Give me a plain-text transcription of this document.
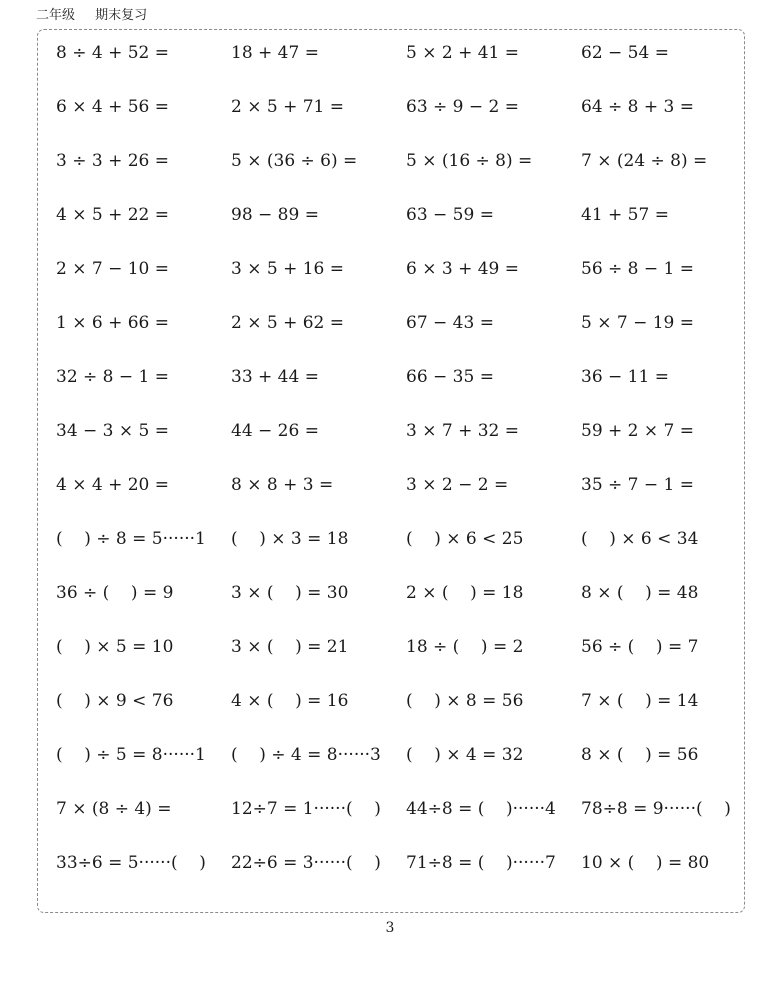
二年级 期末复习
8 ÷ 4 + 52 =	18 + 47 =	5 × 2 + 41 =	62 − 54 =
6 × 4 + 56 =	2 × 5 + 71 =	63 ÷ 9 − 2 =	64 ÷ 8 + 3 =
3 ÷ 3 + 26 =	5 × (36 ÷ 6) =	5 × (16 ÷ 8) =	7 × (24 ÷ 8) =
4 × 5 + 22 =	98 − 89 =	63 − 59 =	41 + 57 =
2 × 7 − 10 =	3 × 5 + 16 =	6 × 3 + 49 =	56 ÷ 8 − 1 =
1 × 6 + 66 =	2 × 5 + 62 =	67 − 43 =	5 × 7 − 19 =
32 ÷ 8 − 1 =	33 + 44 =	66 − 35 =	36 − 11 =
34 − 3 × 5 =	44 − 26 =	3 × 7 + 32 =	59 + 2 × 7 =
4 × 4 + 20 =	8 × 8 + 3 =	3 × 2 − 2 =	35 ÷ 7 − 1 =
(    ) ÷ 8 = 5······1	(    ) × 3 = 18	(    ) × 6 < 25	(    ) × 6 < 34
36 ÷ (    ) = 9	3 × (    ) = 30	2 × (    ) = 18	8 × (    ) = 48
(    ) × 5 = 10	3 × (    ) = 21	18 ÷ (    ) = 2	56 ÷ (    ) = 7
(    ) × 9 < 76	4 × (    ) = 16	(    ) × 8 = 56	7 × (    ) = 14
(    ) ÷ 5 = 8······1	(    ) ÷ 4 = 8······3	(    ) × 4 = 32	8 × (    ) = 56
7 × (8 ÷ 4) =	12÷7 = 1······(    )	44÷8 = (    )······4	78÷8 = 9······(    )
33÷6 = 5······(    )	22÷6 = 3······(    )	71÷8 = (    )······7	10 × (    ) = 80
3
